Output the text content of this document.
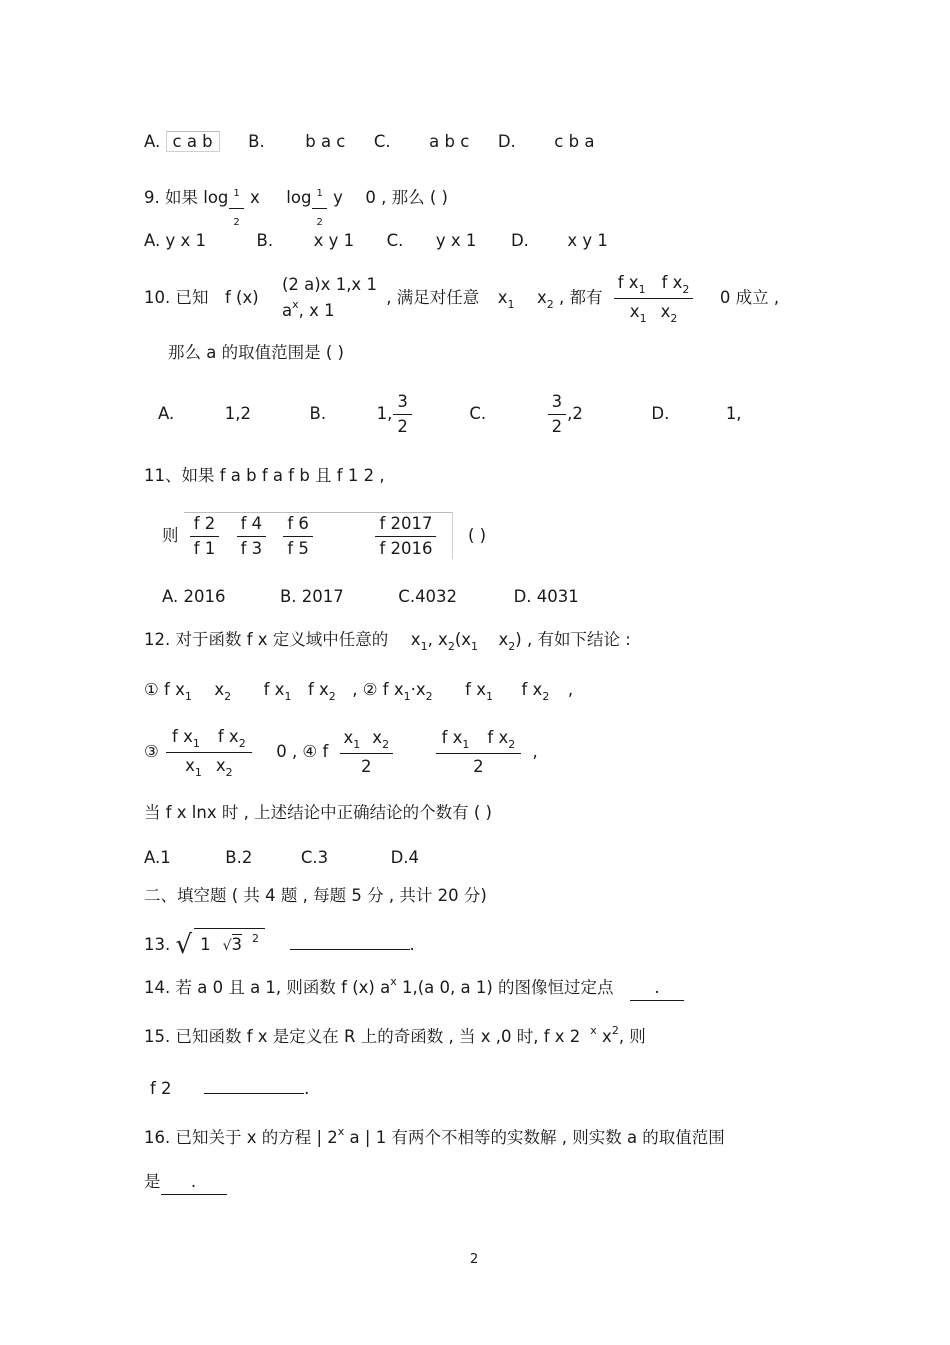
A. c a b B. b a c C. a b c D. c b a
9. 如果 $\log \frac{1}{2}$ x $\log \frac{1}{2}$ y 0 , 那么 ( )
A. y x 1	B. x y 1 C. y x 1 D. x y 1
10. 已知 f (x)
(2 a)x 1,x 1
$a^x$, x 1
, 满足对任意 $x_1$ $x_2$ , 都有 $\frac{f x_1 f x_2}{x_1 x_2} 0$ 成立 ,
那么 a 的取值范围是 ( )
A.	1,2	B.	1, $\frac{3}{2}$	C.	$\frac{3}{2} ,2$	D.	1,
11、如果 f a b f a f b 且 f 1 2 ,
则 $\frac{f 2}{f 1}$
$\frac{f 4}{f 3}$
$\frac{f 6}{f 5}$
	$\frac{f 2017}{f 2016}$ ( )
A. 2016	B. 2017	C.4032	D. 4031
12. 对于函数 f x 定义域中任意的 $x_1$, $x_2(x_1$ $x_2$) , 有如下结论 :
① f $x_1$ $x_2$ f $x_1$ f $x_2$ , ② f $x_1\cdot x_2$ f $x_1$ f $x_2$ ,
③ $\frac{f x_1 f x_2}{x_1 x_2} 0$ , ④ f $\frac{x_1 x_2}{2}$
	$\frac{f x_1 f x_2}{2}$ ,
当 f x lnx 时 , 上述结论中正确结论的个数有 ( )
A.1	B.2	C.3	D.4
二、填空题 ( 共 4 题 , 每题 5 分 , 共计 20 分)
13. √ 1 √3 $^2$	.
14. 若 a 0 且 a 1, 则函数 f (x) $a^x$ 1,(a 0, a 1) 的图像恒过定点 .
15. 已知函数 f x 是定义在 R 上的奇函数 , 当 x ,0 时, f x 2 $^x$ $x^2$, 则
f 2	.
16. 已知关于 x 的方程 | 2$^x$ a | 1 有两个不相等的实数解 , 则实数 a 的取值范围
是 .
2
